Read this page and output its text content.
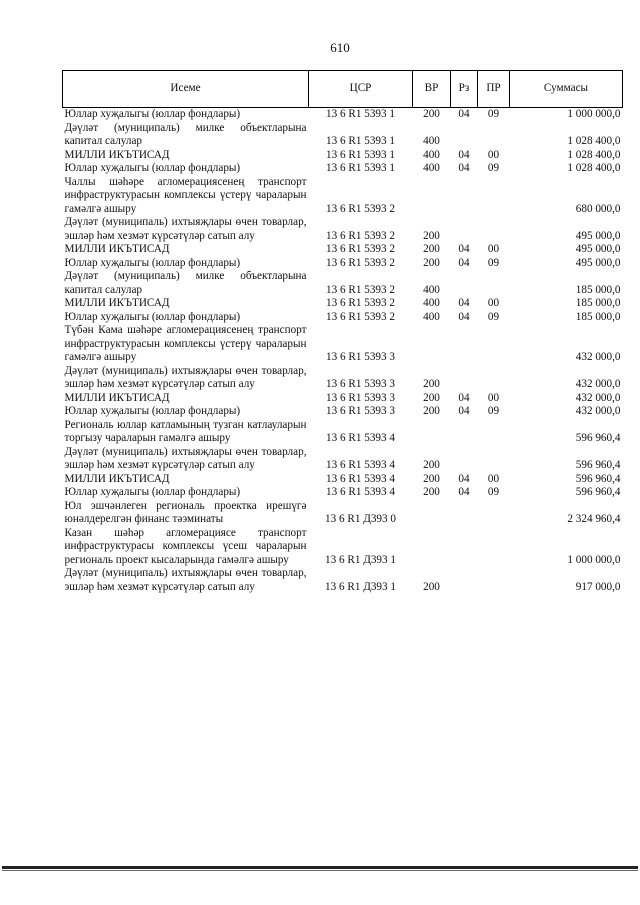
610
Исеме	ЦСР	ВР	Рз	ПР	Суммасы
Юллар хуҗалыгы (юллар фондлары)	13 6 R1 5393 1	200	04	09	1 000 000,0
Дәүләт (муниципаль) милке объектларына капитал салулар	13 6 R1 5393 1	400			1 028 400,0
МИЛЛИ ИКЪТИСАД	13 6 R1 5393 1	400	04	00	1 028 400,0
Юллар хуҗалыгы (юллар фондлары)	13 6 R1 5393 1	400	04	09	1 028 400,0
Чаллы шәһәре агломерациясенең транспорт инфраструктурасын комплексы үстерү чараларын гамәлгә ашыру	13 6 R1 5393 2				680 000,0
Дәүләт (муниципаль) ихтыяҗлары өчен товарлар, эшләр һәм хезмәт күрсәтүләр сатып алу	13 6 R1 5393 2	200			495 000,0
МИЛЛИ ИКЪТИСАД	13 6 R1 5393 2	200	04	00	495 000,0
Юллар хуҗалыгы (юллар фондлары)	13 6 R1 5393 2	200	04	09	495 000,0
Дәүләт (муниципаль) милке объектларына капитал салулар	13 6 R1 5393 2	400			185 000,0
МИЛЛИ ИКЪТИСАД	13 6 R1 5393 2	400	04	00	185 000,0
Юллар хуҗалыгы (юллар фондлары)	13 6 R1 5393 2	400	04	09	185 000,0
Түбән Кама шәһәре агломерациясенең транспорт инфраструктурасын комплексы үстерү чараларын гамәлгә ашыру	13 6 R1 5393 3				432 000,0
Дәүләт (муниципаль) ихтыяҗлары өчен товарлар, эшләр һәм хезмәт күрсәтүләр сатып алу	13 6 R1 5393 3	200			432 000,0
МИЛЛИ ИКЪТИСАД	13 6 R1 5393 3	200	04	00	432 000,0
Юллар хуҗалыгы (юллар фондлары)	13 6 R1 5393 3	200	04	09	432 000,0
Региональ юллар катламының тузган катлауларын торгызу чараларын гамәлгә ашыру	13 6 R1 5393 4				596 960,4
Дәүләт (муниципаль) ихтыяҗлары өчен товарлар, эшләр һәм хезмәт күрсәтүләр сатып алу	13 6 R1 5393 4	200			596 960,4
МИЛЛИ ИКЪТИСАД	13 6 R1 5393 4	200	04	00	596 960,4
Юллар хуҗалыгы (юллар фондлары)	13 6 R1 5393 4	200	04	09	596 960,4
Юл эшчәнлеген региональ проектка ирешүгә юнәлдерелгән финанс тәэминаты	13 6 R1 Д393 0				2 324 960,4
Казан шәһәр агломерациясе транспорт инфраструктурасы комплексы үсеш чараларын региональ проект кысаларында гамәлгә ашыру	13 6 R1 Д393 1				1 000 000,0
Дәүләт (муниципаль) ихтыяҗлары өчен товарлар, эшләр һәм хезмәт күрсәтүләр сатып алу	13 6 R1 Д393 1	200			917 000,0
